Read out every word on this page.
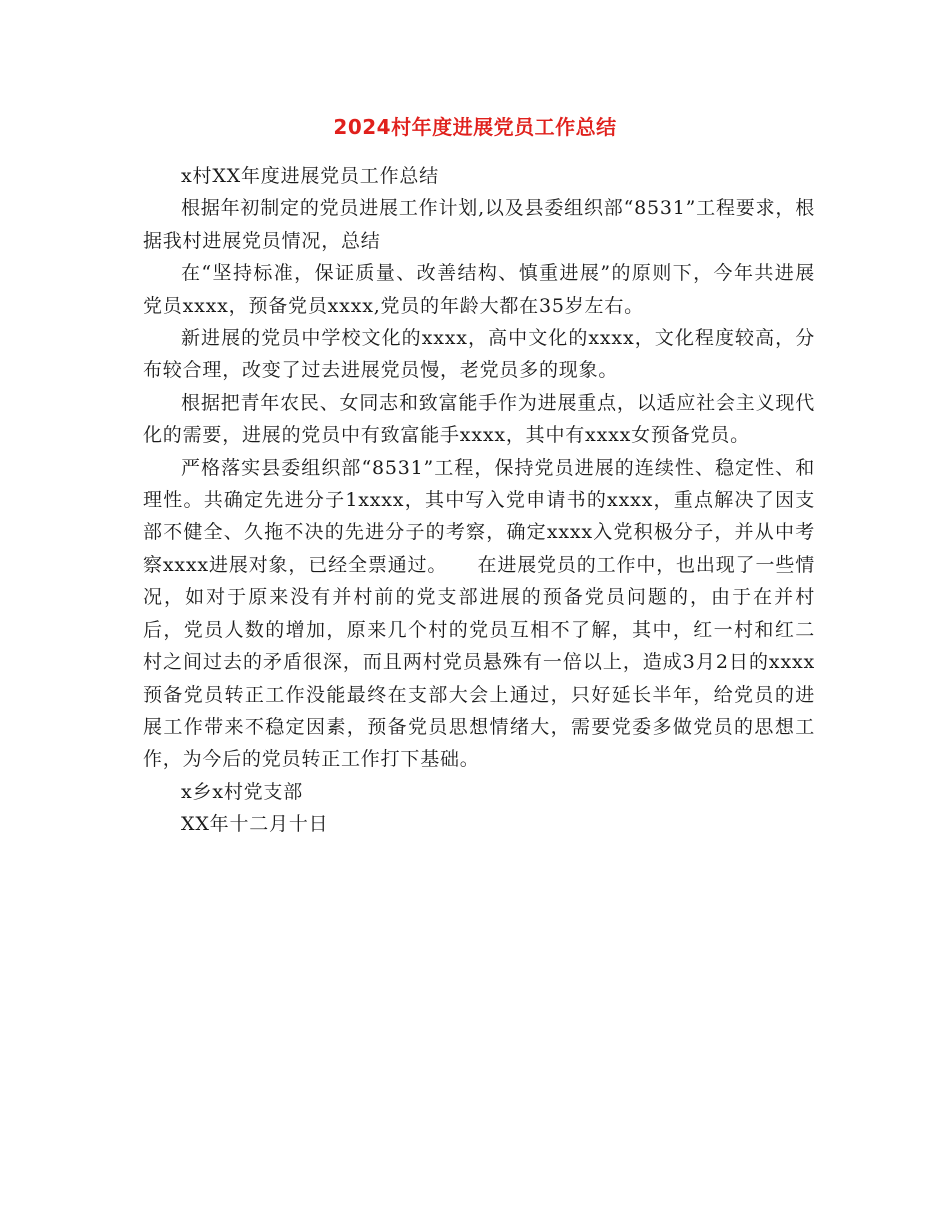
2024村年度进展党员工作总结

x村XX年度进展党员工作总结

根据年初制定的党员进展工作计划,以及县委组织部“8531”工程要求，根据我村进展党员情况，总结

在“坚持标准，保证质量、改善结构、慎重进展”的原则下，今年共进展党员xxxx，预备党员xxxx,党员的年龄大都在35岁左右。

新进展的党员中学校文化的xxxx，高中文化的xxxx，文化程度较高，分布较合理，改变了过去进展党员慢，老党员多的现象。

根据把青年农民、女同志和致富能手作为进展重点，以适应社会主义现代化的需要，进展的党员中有致富能手xxxx，其中有xxxx女预备党员。

严格落实县委组织部“8531”工程，保持党员进展的连续性、稳定性、和理性。共确定先进分子1xxxx，其中写入党申请书的xxxx，重点解决了因支部不健全、久拖不决的先进分子的考察，确定xxxx入党积极分子，并从中考察xxxx进展对象，已经全票通过。　　在进展党员的工作中，也出现了一些情况，如对于原来没有并村前的党支部进展的预备党员问题的，由于在并村后，党员人数的增加，原来几个村的党员互相不了解，其中，红一村和红二村之间过去的矛盾很深，而且两村党员悬殊有一倍以上，造成3月2日的xxxx预备党员转正工作没能最终在支部大会上通过，只好延长半年，给党员的进展工作带来不稳定因素，预备党员思想情绪大，需要党委多做党员的思想工作，为今后的党员转正工作打下基础。

x乡x村党支部

XX年十二月十日
